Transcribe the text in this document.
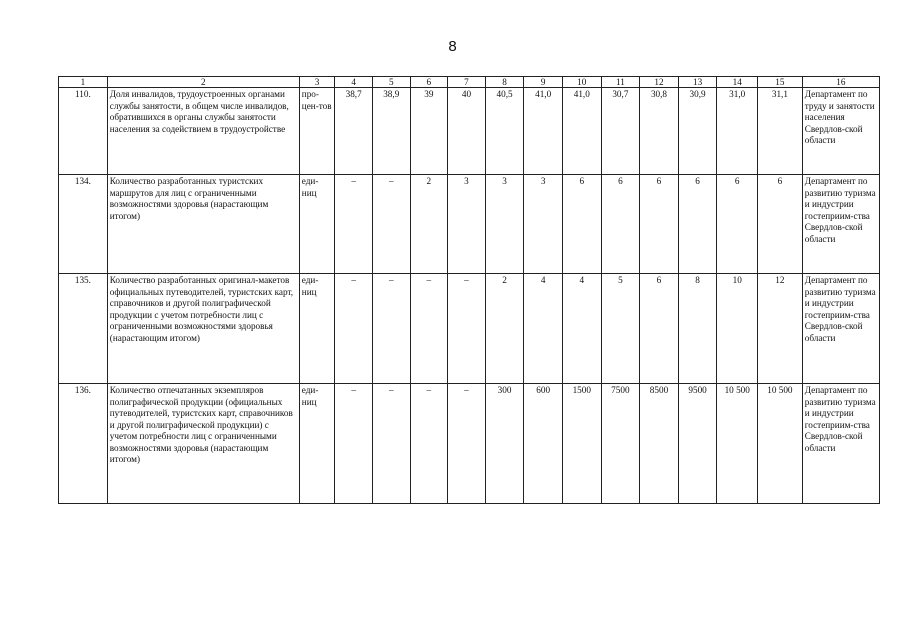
8
1	2	3	4	5	6	7	8	9	10	11	12	13	14	15	16
110.	Доля инвалидов, трудоустроенных органами службы занятости, в общем числе инвалидов, обратившихся в органы службы занятости населения за содействием в трудоустройстве	про-цен-тов	38,7	38,9	39	40	40,5	41,0	41,0	30,7	30,8	30,9	31,0	31,1	Департамент по труду и занятости населения Свердлов-ской области
134.	Количество разработанных туристских маршрутов для лиц с ограниченными возможностями здоровья (нарастающим итогом)	еди-ниц	–	–	2	3	3	3	6	6	6	6	6	6	Департамент по развитию туризма и индустрии гостеприим-ства Свердлов-ской области
135.	Количество разработанных оригинал-макетов официальных путеводителей, туристских карт, справочников и другой полиграфической продукции с учетом потребности лиц с ограниченными возможностями здоровья (нарастающим итогом)	еди-ниц	–	–	–	–	2	4	4	5	6	8	10	12	Департамент по развитию туризма и индустрии гостеприим-ства Свердлов-ской области
136.	Количество отпечатанных экземпляров полиграфической продукции (официальных путеводителей, туристских карт, справочников и другой полиграфической продукции) с учетом потребности лиц с ограниченными возможностями здоровья (нарастающим итогом)	еди-ниц	–	–	–	–	300	600	1500	7500	8500	9500	10 500	10 500	Департамент по развитию туризма и индустрии гостеприим-ства Свердлов-ской области
